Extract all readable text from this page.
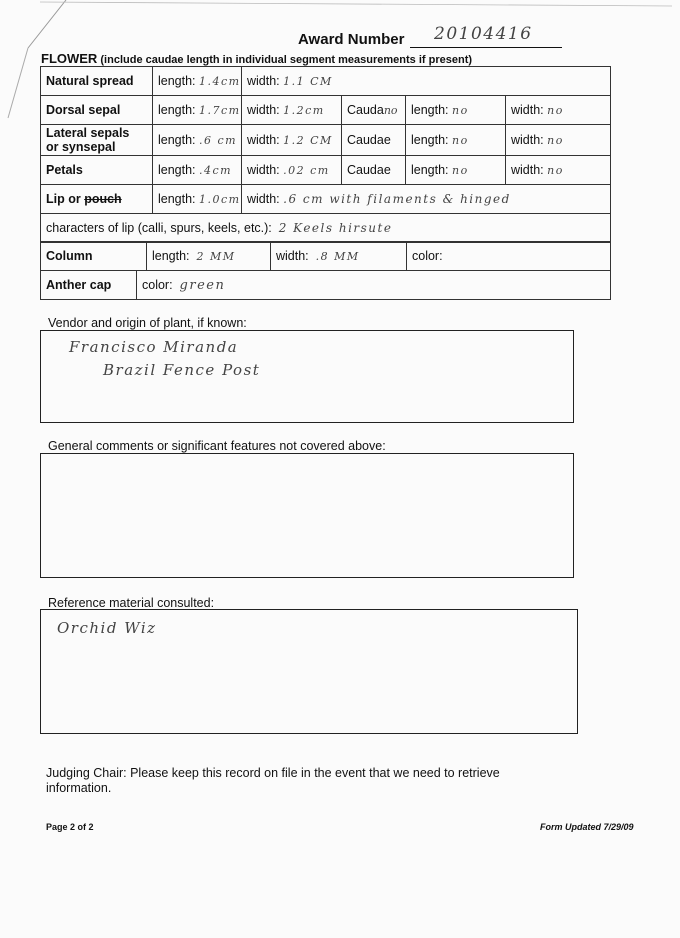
Award Number 20104416
FLOWER (include caudae length in individual segment measurements if present)
Natural spread	length: 1.4cm	width: 1.1 CM			
Dorsal sepal	length: 1.7cm	width: 1.2cm	Caudano	length: no	width: no
Lateral sepals
or synsepal	length: .6 cm	width: 1.2 CM	Caudae	length: no	width: no
Petals	length: .4cm	width: .02 cm	Caudae	length: no	width: no
Lip or pouch	length: 1.0cm	width: .6 cm with filaments & hinged			
characters of lip (calli, spurs, keels, etc.): 2 Keels hirsute					
Column	length: 2 MM	width: .8 MM	color:
Anther cap	color: green
Vendor and origin of plant, if known:
Francisco Miranda
Brazil Fence Post
General comments or significant features not covered above:
Reference material consulted:
Orchid Wiz
Judging Chair: Please keep this record on file in the event that we need to retrieve information.
Page 2 of 2	Form Updated 7/29/09
